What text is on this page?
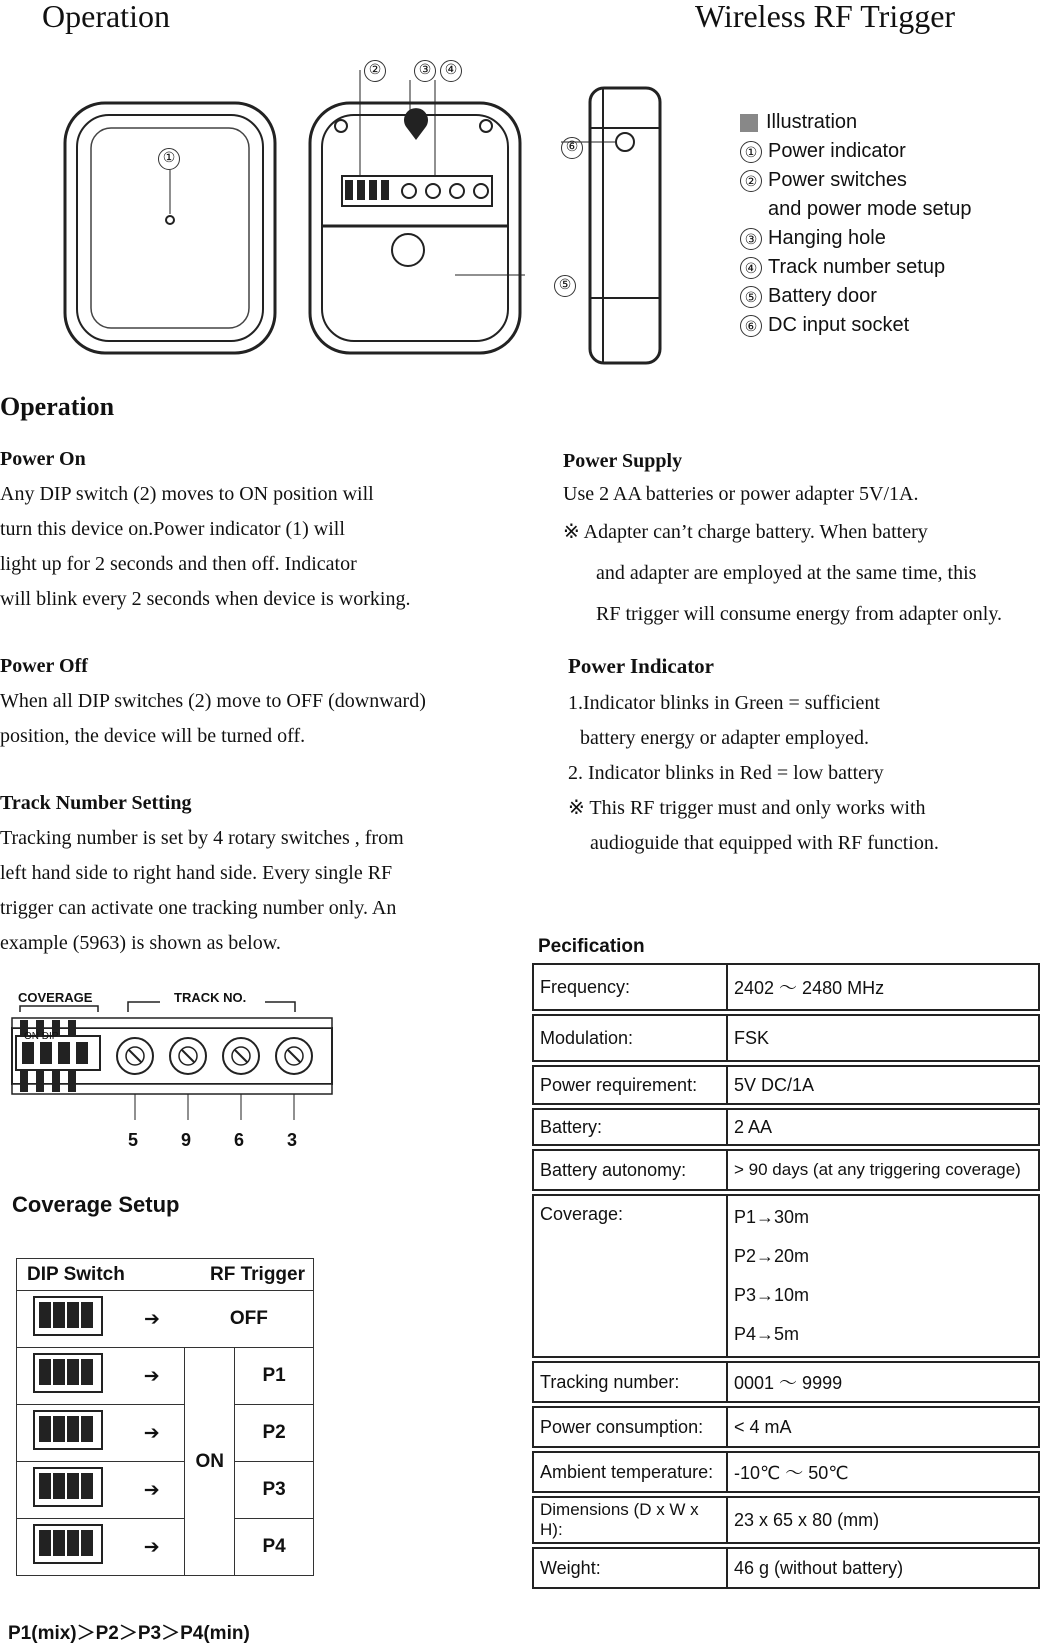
Operation	Wireless RF Trigger
①
②	③ ④
⑤
⑥
Illustration
① Power indicator
② Power switches
and power mode setup
③ Hanging hole
④ Track number setup
⑤ Battery door
⑥ DC input socket
Operation
Power On

Any DIP switch (2) moves to ON position will

turn this device on.Power indicator (1) will

light up for 2 seconds and then off. Indicator

will blink every 2 seconds when device is working.

Power Off

When all DIP switches (2) move to OFF (downward)

position, the device will be turned off.

Track Number Setting

Tracking number is set by 4 rotary switches , from

left hand side to right hand side. Every single RF

trigger can activate one tracking number only. An

example (5963) is shown as below.

Power Supply

Use 2 AA batteries or power adapter 5V/1A.

※ Adapter can’t charge battery. When battery

and adapter are employed at the same time, this

RF trigger will consume energy from adapter only.

Power Indicator

1.Indicator blinks in Green = sufficient

battery energy or adapter employed.

2. Indicator blinks in Red = low battery

※ This RF trigger must and only works with

audioguide that equipped with RF function.

COVERAGE	TRACK NO.
ON DIP
5 9 6 3
Coverage Setup
DIP Switch		RF Trigger	

	➔	OFF	

	➔	ON	P1

	➔		P2

	➔		P3

	➔		P4
P1(mix)＞P2＞P3＞P4(min)
Pecification
Frequency:	2402 ～ 2480 MHz
Modulation:	FSK
Power requirement:	5V DC/1A
Battery:	2 AA
Battery autonomy:	> 90 days (at any triggering coverage)
Coverage:	P1→30m
P2→20m
P3→10m
P4→5m

Tracking number:	0001 ～ 9999
Power consumption:	< 4 mA
Ambient temperature:	-10℃ ～ 50℃
Dimensions (D x W x H):	23 x 65 x 80 (mm)
Weight:	46 g (without battery)
